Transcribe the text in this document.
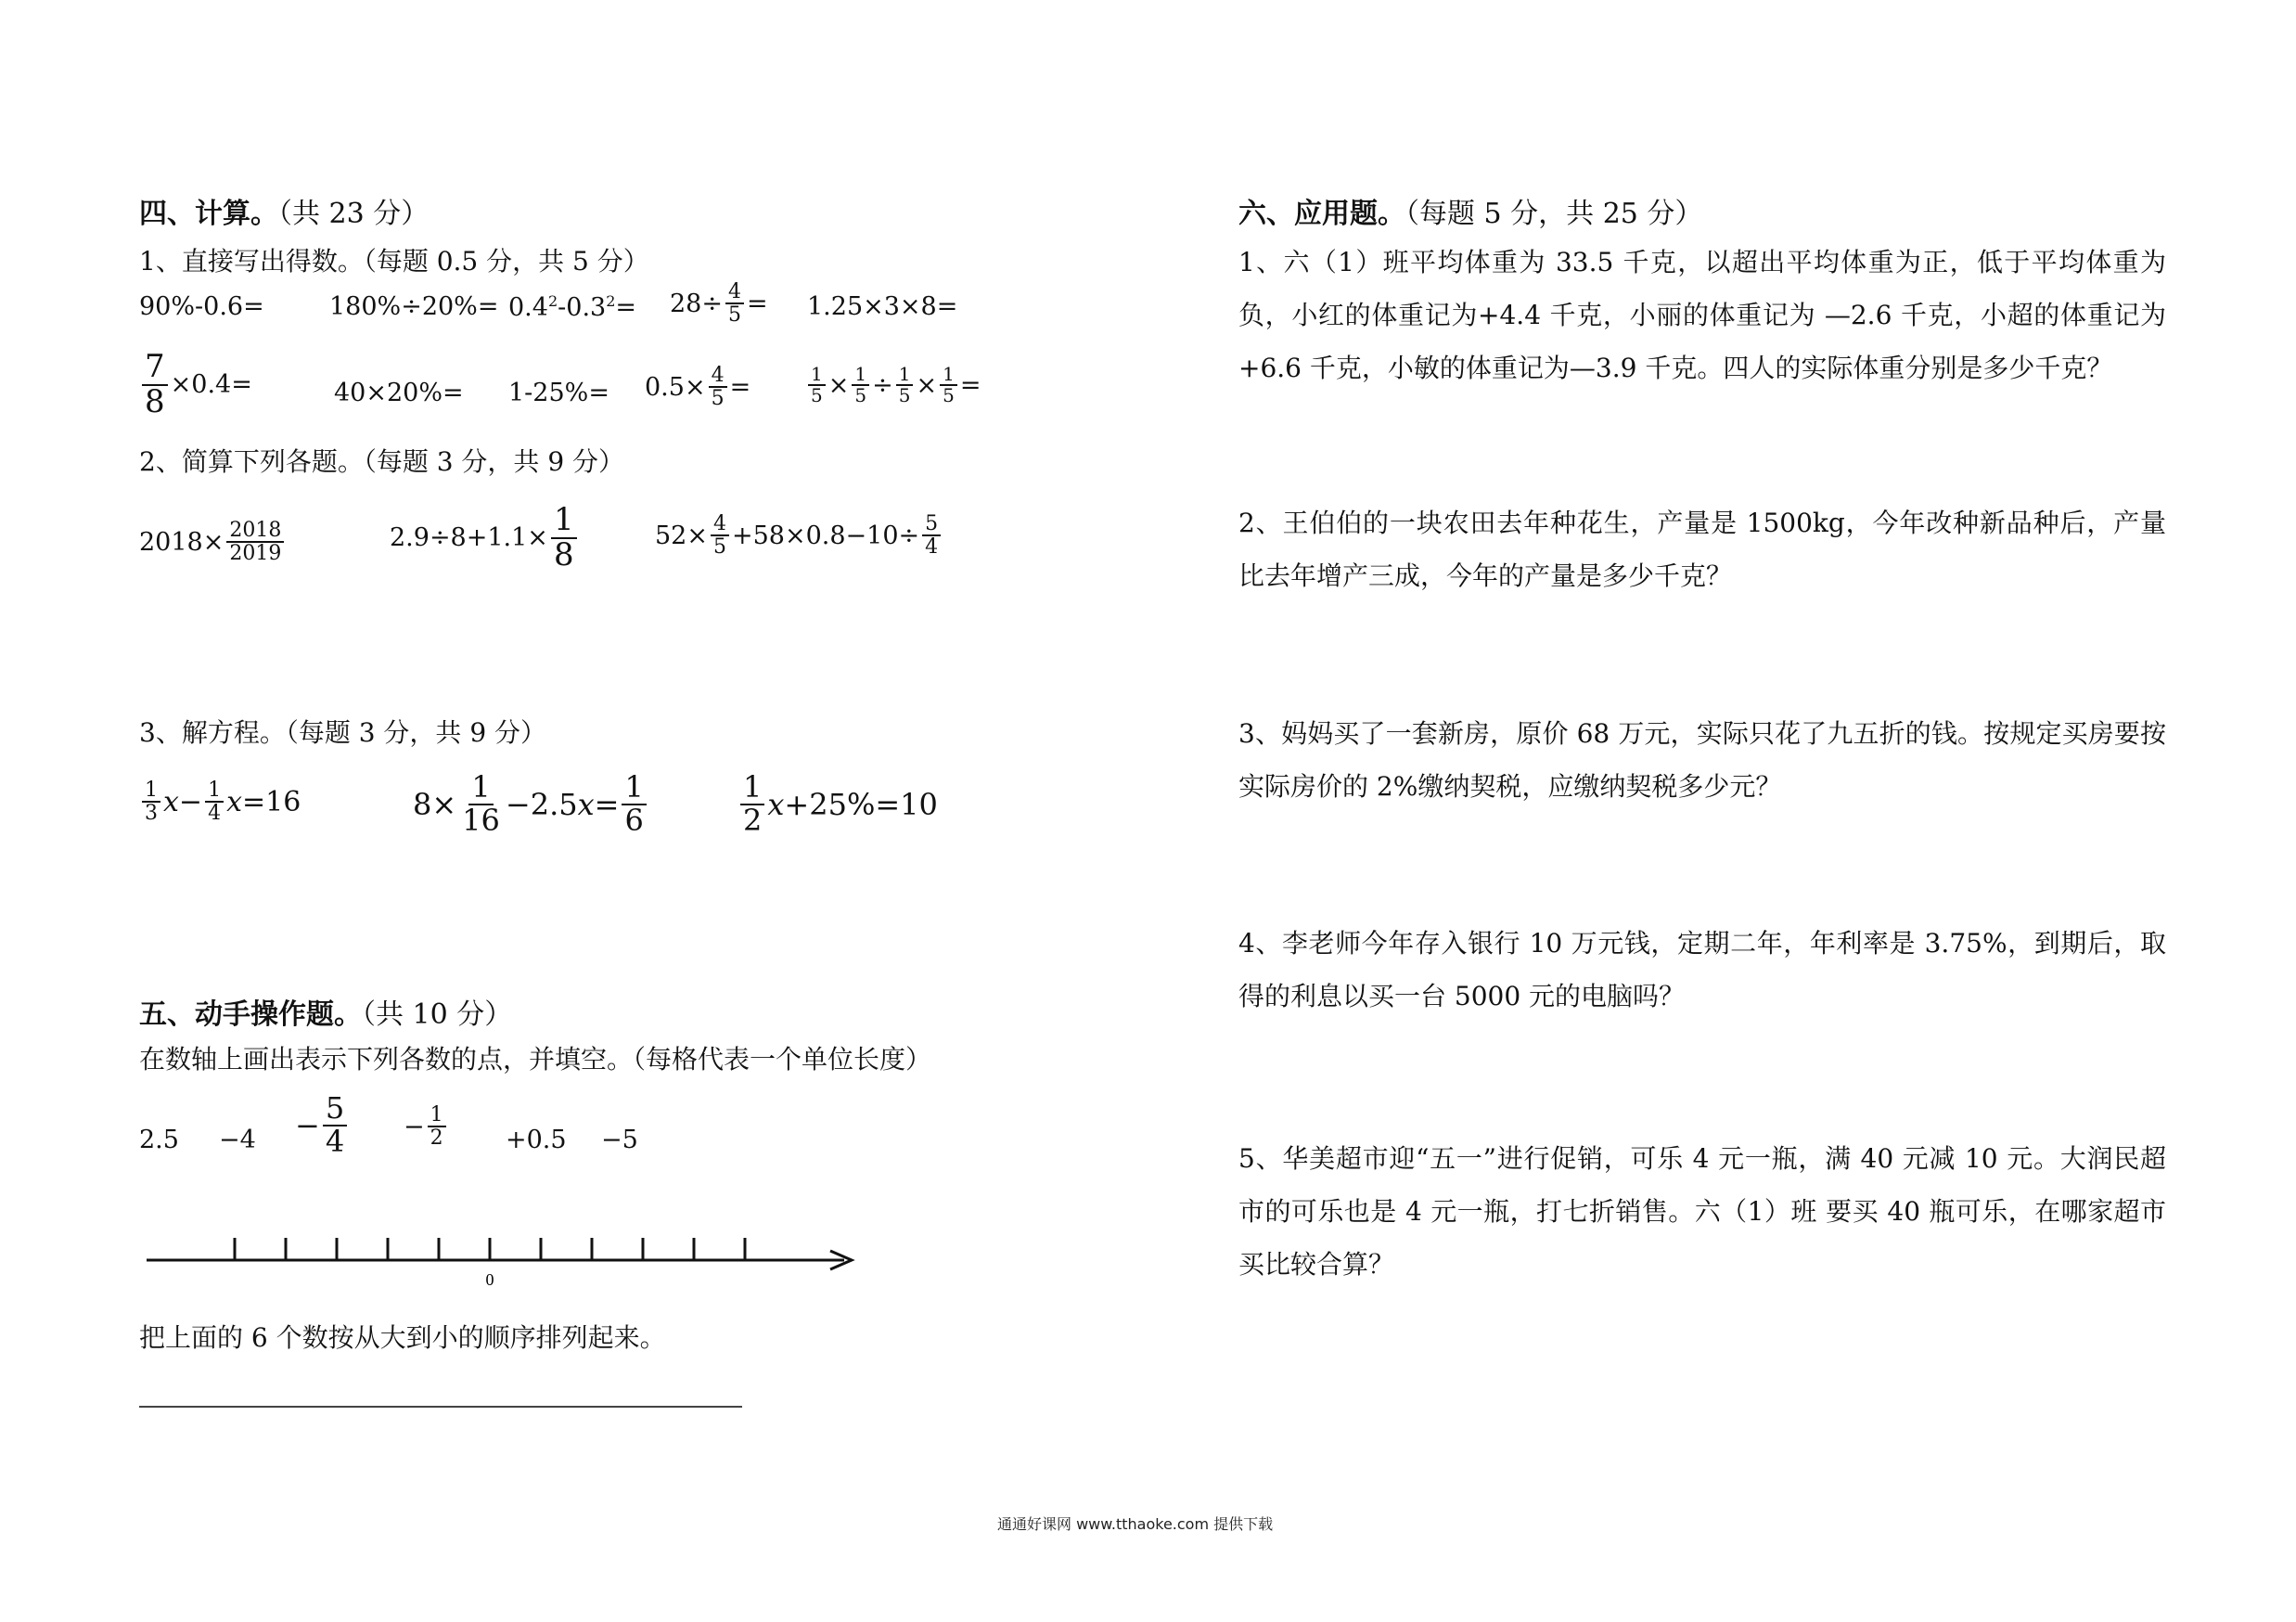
四、计算。（共 23 分）
1、直接写出得数。（每题 0.5 分，共 5 分）
90%-0.6=	$180\%\div 20\%= 0.4^2-0.3^2= 28\div \frac{4}{5} = 1.25\times 3\times 8=$
$\frac{7}{8} \times 0.4=$	$40\times 20\%= 1-25\%= 0.5\times \frac{4}{5}$ =	$\frac{1}{5} \times \frac{1}{5} \div \frac{1}{5} \times \frac{1}{5}$ =
2、简算下列各题。（每题 3 分，共 9 分）
$2018\times \frac{2018}{2019}$	$2.9\div 8+1.1\times \frac{1}{8}$	$52\times \frac{4}{5} +58\times 0.8-10\div \frac{5}{4}$
3、解方程。（每题 3 分，共 9 分）
$\frac{1}{3}$ $x - \frac{1}{4}$ x =16	$8\times \frac{1}{16} -2.5$ $x = \frac{1}{6}$	$\frac{1}{2}$ x +25%=10
五、动手操作题。（共 10 分）
在数轴上画出表示下列各数的点，并填空。（每格代表一个单位长度）
$2.5 -4 - \frac{5}{4} - \frac{1}{2} +0.5 -5$
0
把上面的 6 个数按从大到小的顺序排列起来。
六、应用题。（每题 5 分，共 25 分）
1、六（1）班平均体重为 33.5 千克，以超出平均体重为正，低于平均体重为负，小红的体重记为+4.4 千克，小丽的体重记为 —2.6 千克，小超的体重记为+6.6 千克，小敏的体重记为—3.9 千克。四人的实际体重分别是多少千克？
2、王伯伯的一块农田去年种花生，产量是 1500kg，今年改种新品种后，产量比去年增产三成，今年的产量是多少千克？
3、妈妈买了一套新房，原价 68 万元，实际只花了九五折的钱。按规定买房要按实际房价的 2%缴纳契税，应缴纳契税多少元？
4、李老师今年存入银行 10 万元钱，定期二年，年利率是 3.75%，到期后，取得的利息以买一台 5000 元的电脑吗？
5、华美超市迎“五一”进行促销，可乐 4 元一瓶，满 40 元减 10 元。大润民超市的可乐也是 4 元一瓶，打七折销售。六（1）班 要买 40 瓶可乐，在哪家超市买比较合算？
通通好课网 www.tthaoke.com 提供下载
